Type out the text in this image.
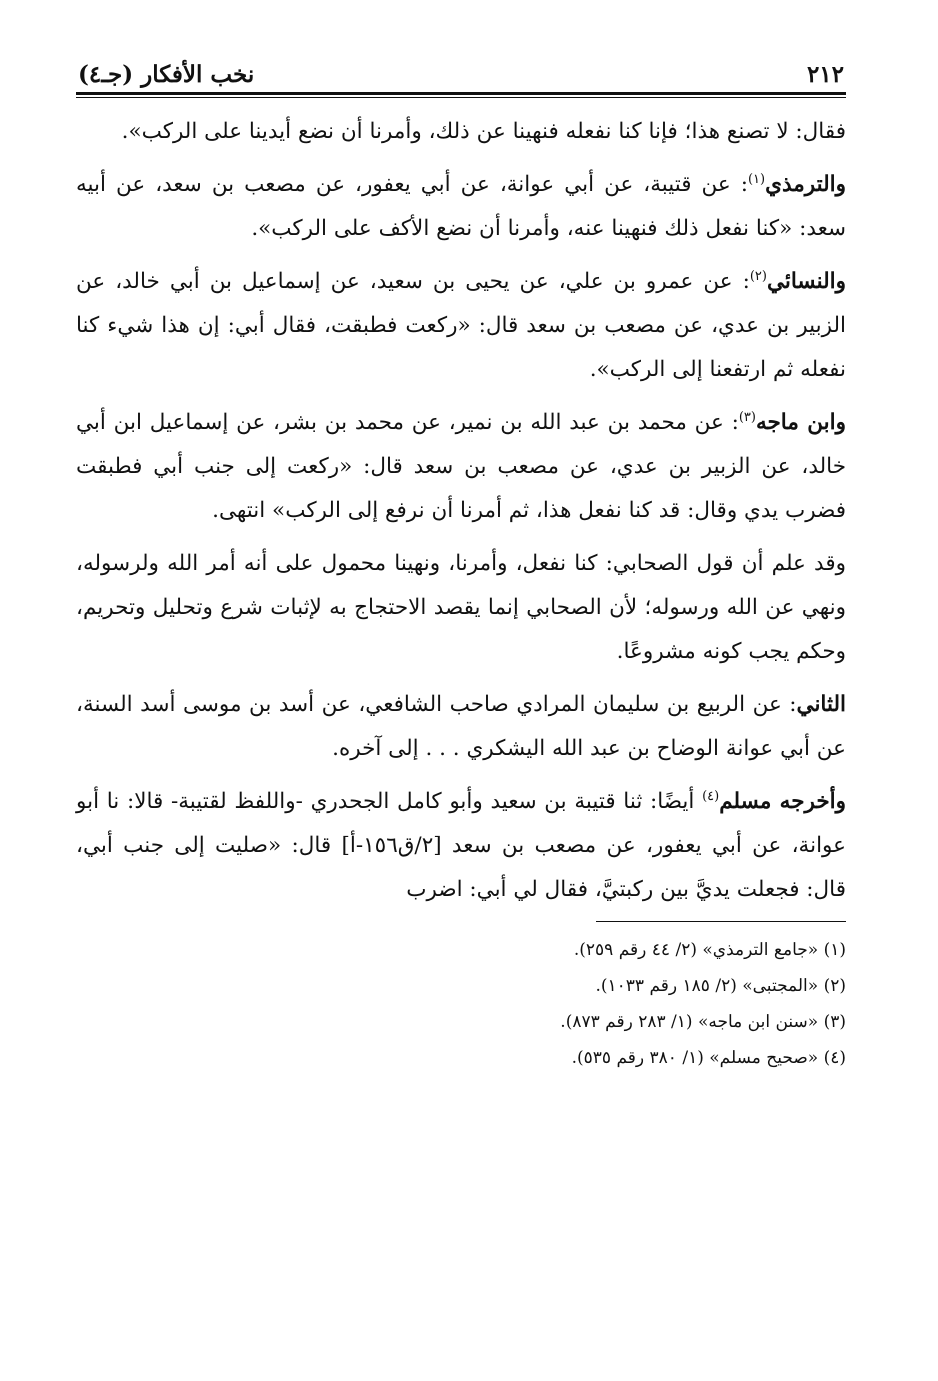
٢١٢
نخب الأفكار (جـ٤)

فقال: لا تصنع هذا؛ فإنا كنا نفعله فنهينا عن ذلك، وأمرنا أن نضع أيدينا على الركب».

والترمذي$^{(١)}$: عن قتيبة، عن أبي عوانة، عن أبي يعفور، عن مصعب بن سعد، عن أبيه سعد: «كنا نفعل ذلك فنهينا عنه، وأمرنا أن نضع الأكف على الركب».

والنسائي$^{(٢)}$: عن عمرو بن علي، عن يحيى بن سعيد، عن إسماعيل بن أبي خالد، عن الزبير بن عدي، عن مصعب بن سعد قال: «ركعت فطبقت، فقال أبي: إن هذا شيء كنا نفعله ثم ارتفعنا إلى الركب».

وابن ماجه$^{(٣)}$: عن محمد بن عبد الله بن نمير، عن محمد بن بشر، عن إسماعيل ابن أبي خالد، عن الزبير بن عدي، عن مصعب بن سعد قال: «ركعت إلى جنب أبي فطبقت فضرب يدي وقال: قد كنا نفعل هذا، ثم أمرنا أن نرفع إلى الركب» انتهى.

وقد علم أن قول الصحابي: كنا نفعل، وأمرنا، ونهينا محمول على أنه أمر الله ولرسوله، ونهي عن الله ورسوله؛ لأن الصحابي إنما يقصد الاحتجاج به لإثبات شرع وتحليل وتحريم، وحكم يجب كونه مشروعًا.

الثاني: عن الربيع بن سليمان المرادي صاحب الشافعي، عن أسد بن موسى أسد السنة، عن أبي عوانة الوضاح بن عبد الله اليشكري . . . إلى آخره.

وأخرجه مسلم$^{(٤)}$ أيضًا: ثنا قتيبة بن سعيد وأبو كامل الجحدري -واللفظ لقتيبة- قالا: نا أبو عوانة، عن أبي يعفور، عن مصعب بن سعد [٢/ق١٥٦-أ] قال: «صليت إلى جنب أبي، قال: فجعلت يديَّ بين ركبتيَّ، فقال لي أبي: اضرب

(١) «جامع الترمذي» (٢/ ٤٤ رقم ٢٥٩).

(٢) «المجتبى» (٢/ ١٨٥ رقم ١٠٣٣).

(٣) «سنن ابن ماجه» (١/ ٢٨٣ رقم ٨٧٣).

(٤) «صحيح مسلم» (١/ ٣٨٠ رقم ٥٣٥).
